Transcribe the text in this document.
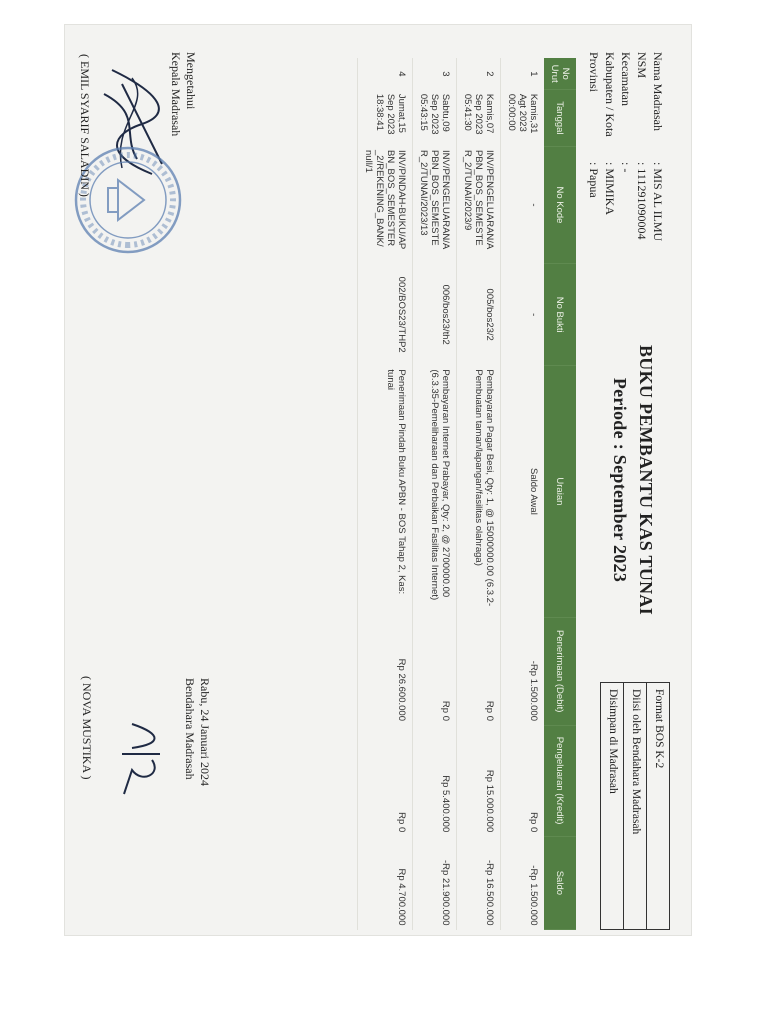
Nama Madrasah
: MIS AL ILMU
NSM
: 111291090004
Kecamatan
: -
Kabupaten / Kota
: MIMIKA
Provinsi
: Papua
BUKU PEMBANTU KAS TUNAI
Periode : September 2023
Format BOS K-2
Diisi oleh Bendahara Madrasah
Disimpan di Madrasah
No Urut	Tanggal	No Kode	No Bukti	Uraian	Penerimaan (Debit)	Pengeluaran (Kredit)	Saldo
1	Kamis,31 Agt 2023 00:00:00	-	-	Saldo Awal	-Rp 1.500.000	Rp 0	-Rp 1.500.000
2	Kamis,07 Sep 2023 05:41:30	INV/PENGELUARAN/A PBN_BOS_SEMESTE R_2/TUNAI/2023/9	005/bos23/2	Pembayaran Pagar Besi, Qty: 1, @ 15000000.00 (6.3.2-Pembuatan taman/lapangan/fasilitas olahraga)	Rp 0	Rp 15.000.000	-Rp 16.500.000
3	Sabtu,09 Sep 2023 05:43:15	INV/PENGELUARAN/A PBN_BOS_SEMESTE R_2/TUNAI/2023/13	006/bos23/th2	Pembayaran Internet Prabayar, Qty: 2, @ 2700000.00 (6.3.35-Pemeliharaan dan Perbaikan Fasilitas Internet)	Rp 0	Rp 5.400.000	-Rp 21.900.000
4	Jumat,15 Sep 2023 18:38:41	INV/PINDAH-BUKU/AP BN_BOS_SEMESTER _2/REKENING_BANK/ null/1	002/BOS23/THP2	Penerimaan Pindah Buku APBN - BOS Tahap 2, Kas: tunai	Rp 26.600.000	Rp 0	Rp 4.700.000
Mengetahui
Kepala Madrasah
( EMIL SYARIF SALADIN )
Rabu, 24 Januari 2024
Bendahara Madrasah
( NOVA MUSTIKA )
